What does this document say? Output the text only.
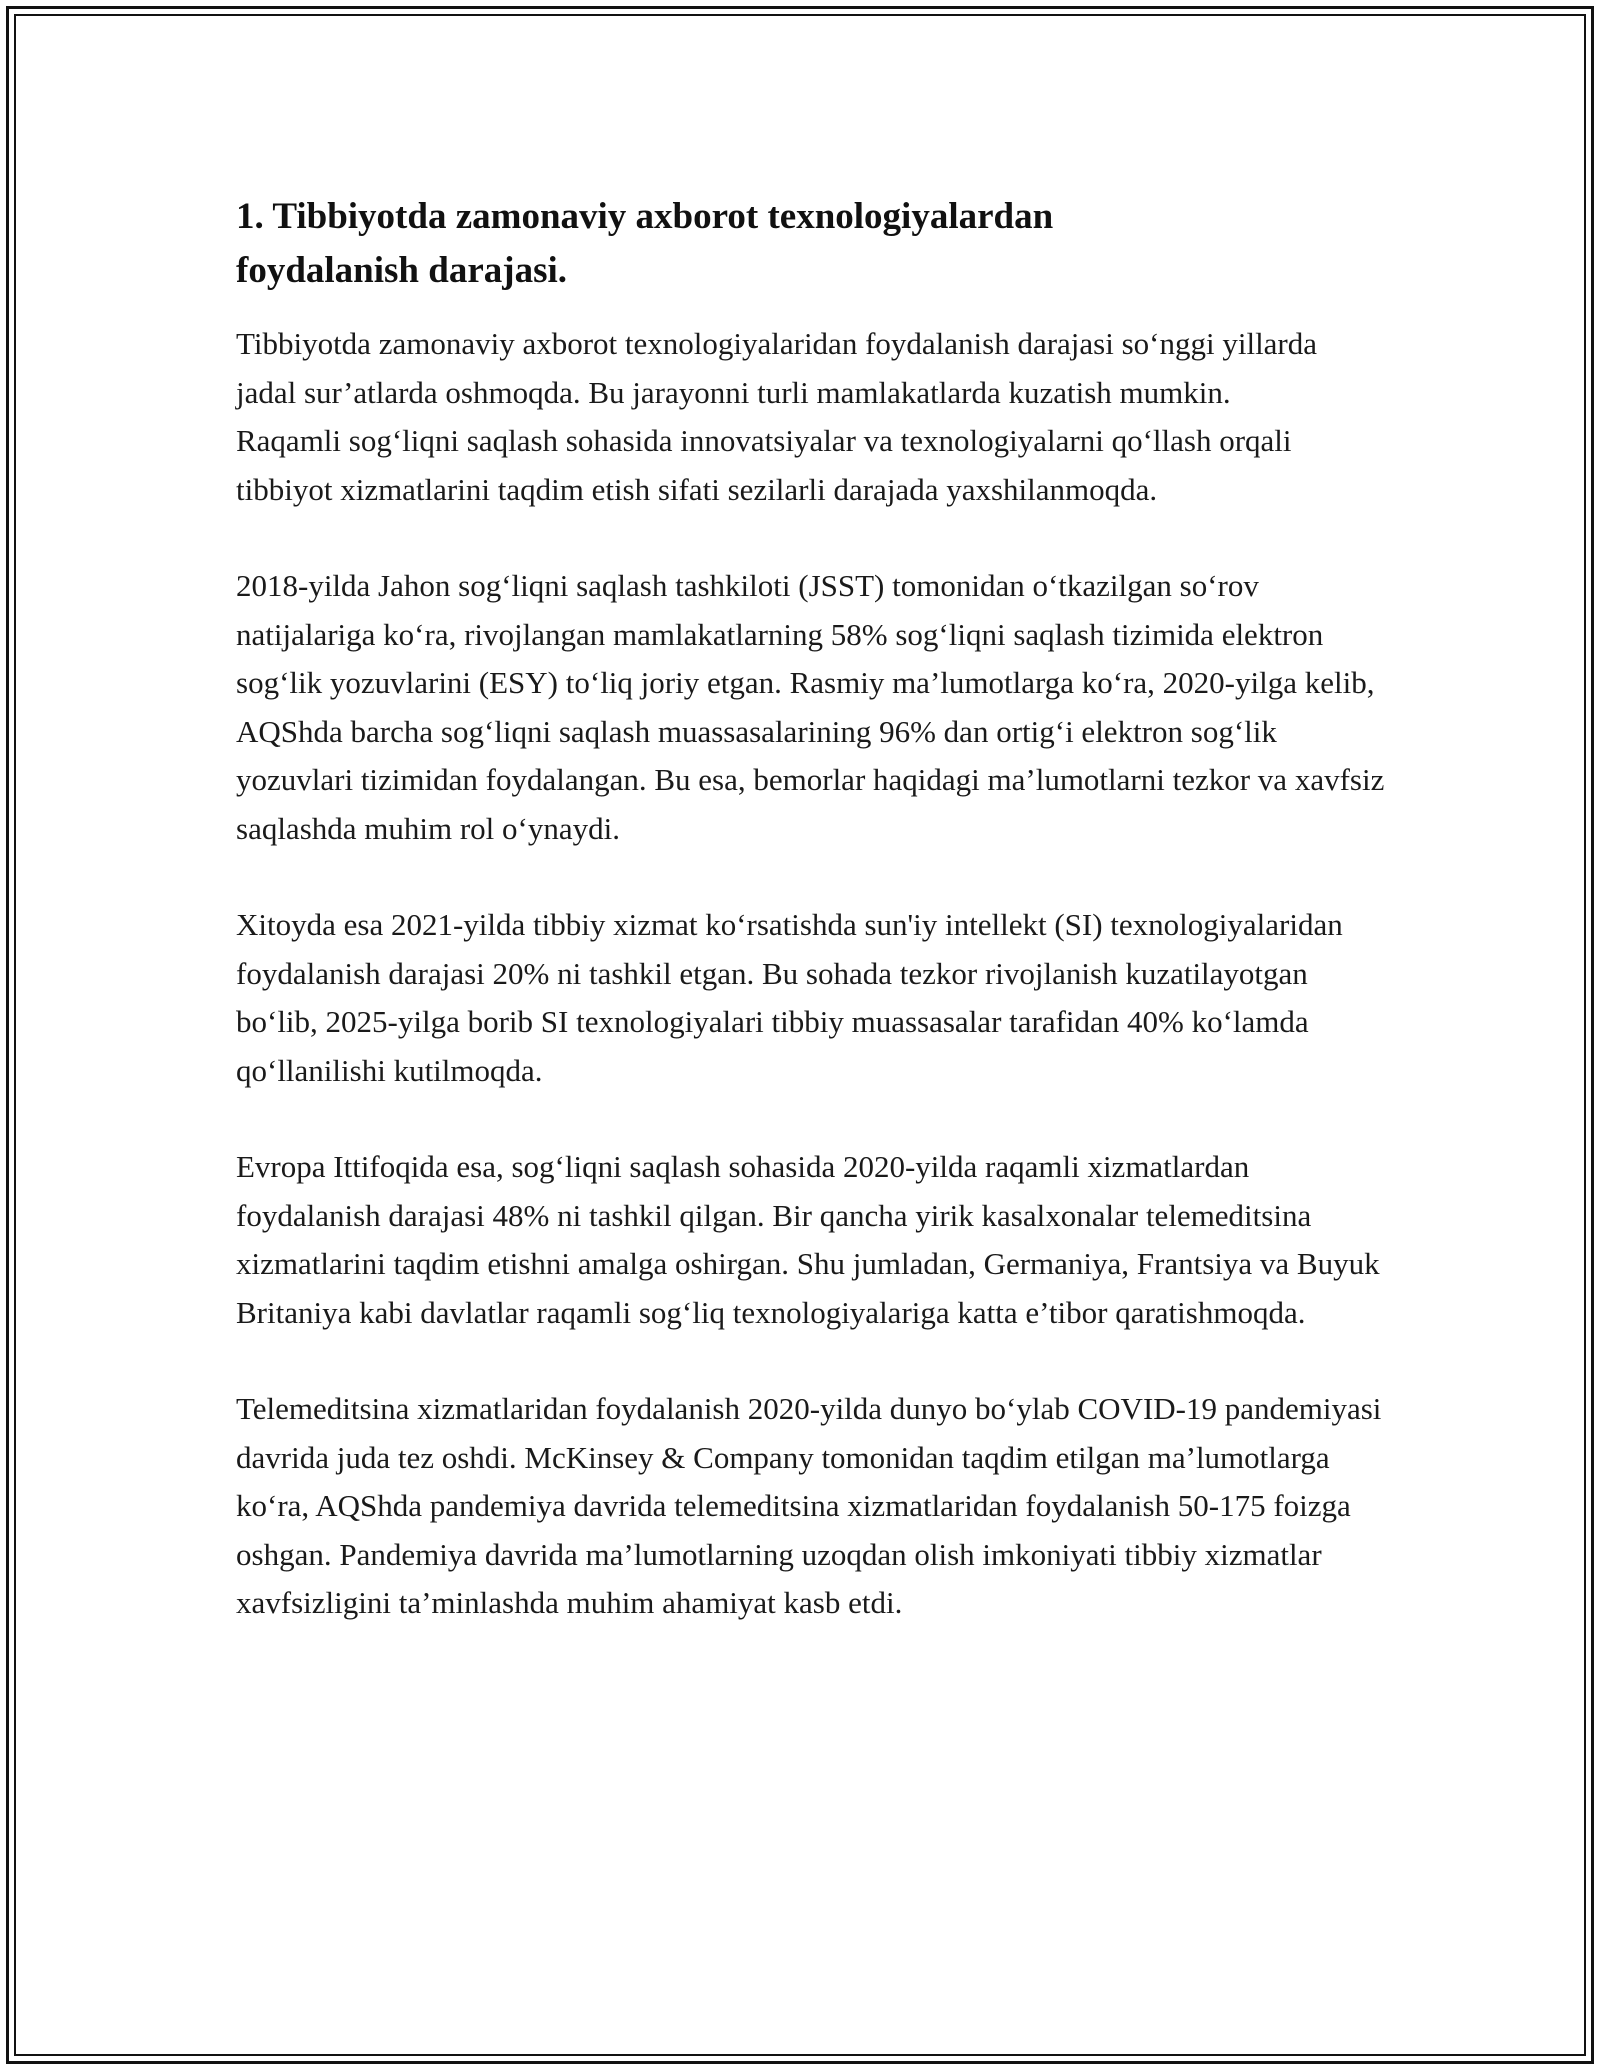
1. Tibbiyotda zamonaviy axborot texnologiyalardan foydalanish darajasi.

Tibbiyotda zamonaviy axborot texnologiyalaridan foydalanish darajasi so‘nggi yillarda jadal sur’atlarda oshmoqda. Bu jarayonni turli mamlakatlarda kuzatish mumkin. Raqamli sog‘liqni saqlash sohasida innovatsiyalar va texnologiyalarni qo‘llash orqali tibbiyot xizmatlarini taqdim etish sifati sezilarli darajada yaxshilanmoqda.

2018-yilda Jahon sog‘liqni saqlash tashkiloti (JSST) tomonidan o‘tkazilgan so‘rov natijalariga ko‘ra, rivojlangan mamlakatlarning 58% sog‘liqni saqlash tizimida elektron sog‘lik yozuvlarini (ESY) to‘liq joriy etgan. Rasmiy ma’lumotlarga ko‘ra, 2020-yilga kelib, AQShda barcha sog‘liqni saqlash muassasalarining 96% dan ortig‘i elektron sog‘lik yozuvlari tizimidan foydalangan. Bu esa, bemorlar haqidagi ma’lumotlarni tezkor va xavfsiz saqlashda muhim rol o‘ynaydi.

Xitoyda esa 2021-yilda tibbiy xizmat ko‘rsatishda sun'iy intellekt (SI) texnologiyalaridan foydalanish darajasi 20% ni tashkil etgan. Bu sohada tezkor rivojlanish kuzatilayotgan bo‘lib, 2025-yilga borib SI texnologiyalari tibbiy muassasalar tarafidan 40% ko‘lamda qo‘llanilishi kutilmoqda.

Evropa Ittifoqida esa, sog‘liqni saqlash sohasida 2020-yilda raqamli xizmatlardan foydalanish darajasi 48% ni tashkil qilgan. Bir qancha yirik kasalxonalar telemeditsina xizmatlarini taqdim etishni amalga oshirgan. Shu jumladan, Germaniya, Frantsiya va Buyuk Britaniya kabi davlatlar raqamli sog‘liq texnologiyalariga katta e’tibor qaratishmoqda.

Telemeditsina xizmatlaridan foydalanish 2020-yilda dunyo bo‘ylab COVID-19 pandemiyasi davrida juda tez oshdi. McKinsey & Company tomonidan taqdim etilgan ma’lumotlarga ko‘ra, AQShda pandemiya davrida telemeditsina xizmatlaridan foydalanish 50-175 foizga oshgan. Pandemiya davrida ma’lumotlarning uzoqdan olish imkoniyati tibbiy xizmatlar xavfsizligini ta’minlashda muhim ahamiyat kasb etdi.
